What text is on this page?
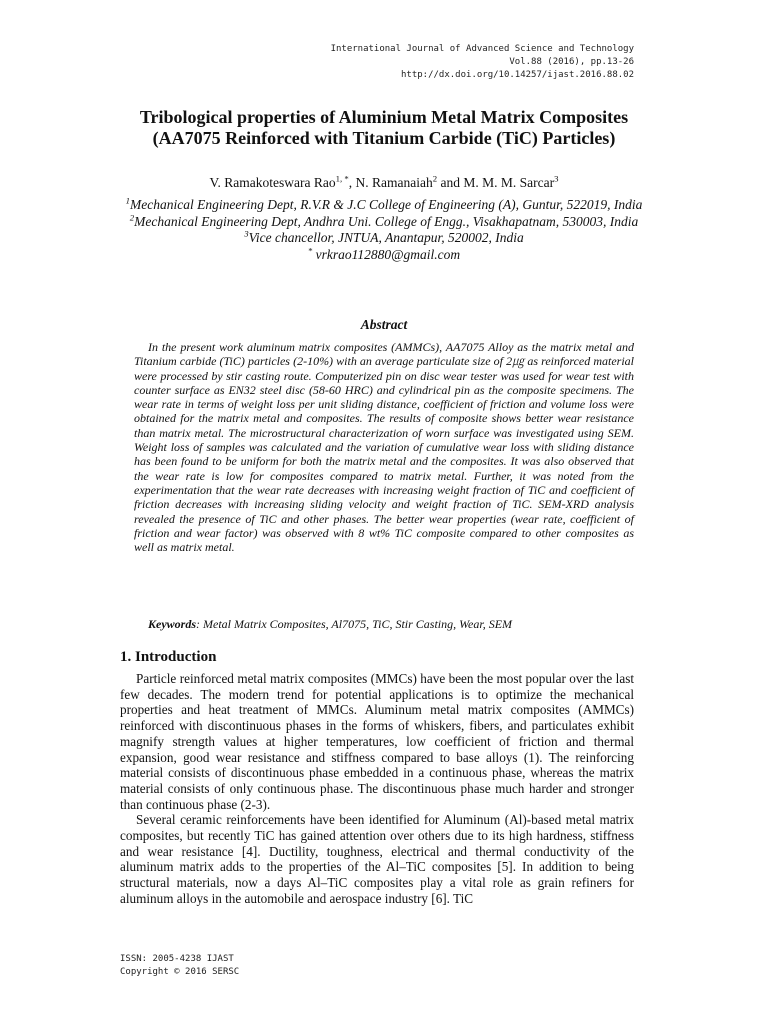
International Journal of Advanced Science and Technology
Vol.88 (2016), pp.13-26
http://dx.doi.org/10.14257/ijast.2016.88.02
Tribological properties of Aluminium Metal Matrix Composites
(AA7075 Reinforced with Titanium Carbide (TiC) Particles)
V. Ramakoteswara Rao$^{1, *}$, N. Ramanaiah$^2$ and M. M. M. Sarcar$^3$
$^1$Mechanical Engineering Dept, R.V.R & J.C College of Engineering (A), Guntur, 522019, India
$^2$Mechanical Engineering Dept, Andhra Uni. College of Engg., Visakhapatnam, 530003, India
$^3$Vice chancellor, JNTUA, Anantapur, 520002, India
* vrkrao112880@gmail.com
Abstract

In the present work aluminum matrix composites (AMMCs), AA7075 Alloy as the matrix metal and Titanium carbide (TiC) particles (2-10%) with an average particulate size of 2㎍ as reinforced material were processed by stir casting route. Computerized pin on disc wear tester was used for wear test with counter surface as EN32 steel disc (58-60 HRC) and cylindrical pin as the composite specimens. The wear rate in terms of weight loss per unit sliding distance, coefficient of friction and volume loss were obtained for the matrix metal and composites. The results of composite shows better wear resistance than matrix metal. The microstructural characterization of worn surface was investigated using SEM. Weight loss of samples was calculated and the variation of cumulative wear loss with sliding distance has been found to be uniform for both the matrix metal and the composites. It was also observed that the wear rate is low for composites compared to matrix metal. Further, it was noted from the experimentation that the wear rate decreases with increasing weight fraction of TiC and coefficient of friction decreases with increasing sliding velocity and weight fraction of TiC. SEM-XRD analysis revealed the presence of TiC and other phases. The better wear properties (wear rate, coefficient of friction and wear factor) was observed with 8 wt% TiC composite compared to other composites as well as matrix metal.

Keywords: Metal Matrix Composites, Al7075, TiC, Stir Casting, Wear, SEM

1. Introduction

Particle reinforced metal matrix composites (MMCs) have been the most popular over the last few decades. The modern trend for potential applications is to optimize the mechanical properties and heat treatment of MMCs. Aluminum metal matrix composites (AMMCs) reinforced with discontinuous phases in the forms of whiskers, fibers, and particulates exhibit magnify strength values at higher temperatures, low coefficient of friction and thermal expansion, good wear resistance and stiffness compared to base alloys (1). The reinforcing material consists of discontinuous phase embedded in a continuous phase, whereas the matrix material consists of only continuous phase. The discontinuous phase much harder and stronger than continuous phase (2-3).

Several ceramic reinforcements have been identified for Aluminum (Al)-based metal matrix composites, but recently TiC has gained attention over others due to its high hardness, stiffness and wear resistance [4]. Ductility, toughness, electrical and thermal conductivity of the aluminum matrix adds to the properties of the Al–TiC composites [5]. In addition to being structural materials, now a days Al–TiC composites play a vital role as grain refiners for aluminum alloys in the automobile and aerospace industry [6]. TiC

ISSN: 2005-4238 IJAST
Copyright © 2016 SERSC
